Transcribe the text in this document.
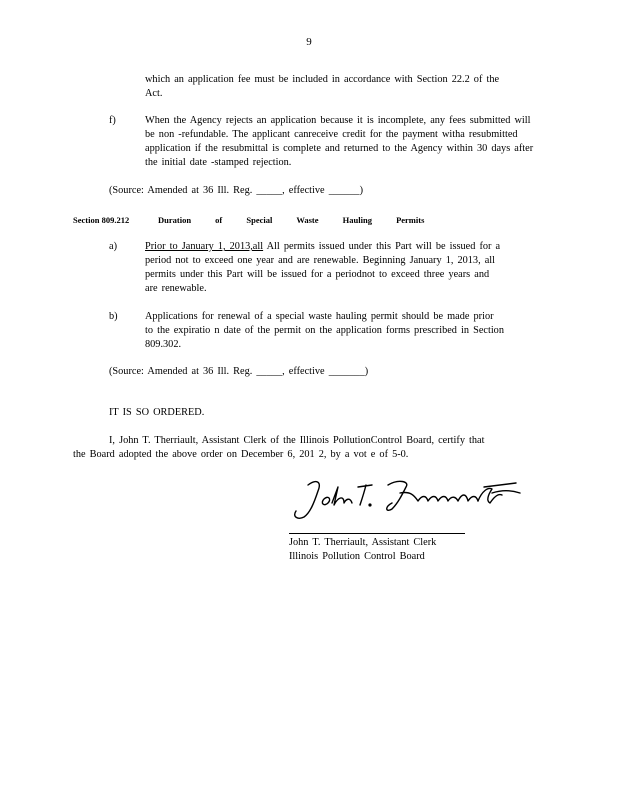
9
which an application fee must be included in accordance with Section 22.2 of the
Act.
f)	When the Agency rejects an application because it is incomplete, any fees submitted will
be non -refundable. The applicant canreceive credit for the payment witha resubmitted
application if the resubmittal is complete and returned to the Agency within 30 days after
the initial date -stamped rejection.
(Source: Amended at 36 Ill. Reg. _____, effective ______)
Section 809.212	Duration of Special Waste Hauling Permits
a)	Prior to January 1, 2013,all All permits issued under this Part will be issued for a
period not to exceed one year and are renewable. Beginning January 1, 2013, all
permits under this Part will be issued for a periodnot to exceed three years and
are renewable.
b)	Applications for renewal of a special waste hauling permit should be made prior
to the expiratio n date of the permit on the application forms prescribed in Section
809.302.
(Source: Amended at 36 Ill. Reg. _____, effective _______)
IT IS SO ORDERED.
I, John T. Therriault, Assistant Clerk of the Illinois PollutionControl Board, certify that
the Board adopted the above order on December 6, 201 2, by a vot e of 5-0.
John T. Therriault, Assistant Clerk
Illinois Pollution Control Board
